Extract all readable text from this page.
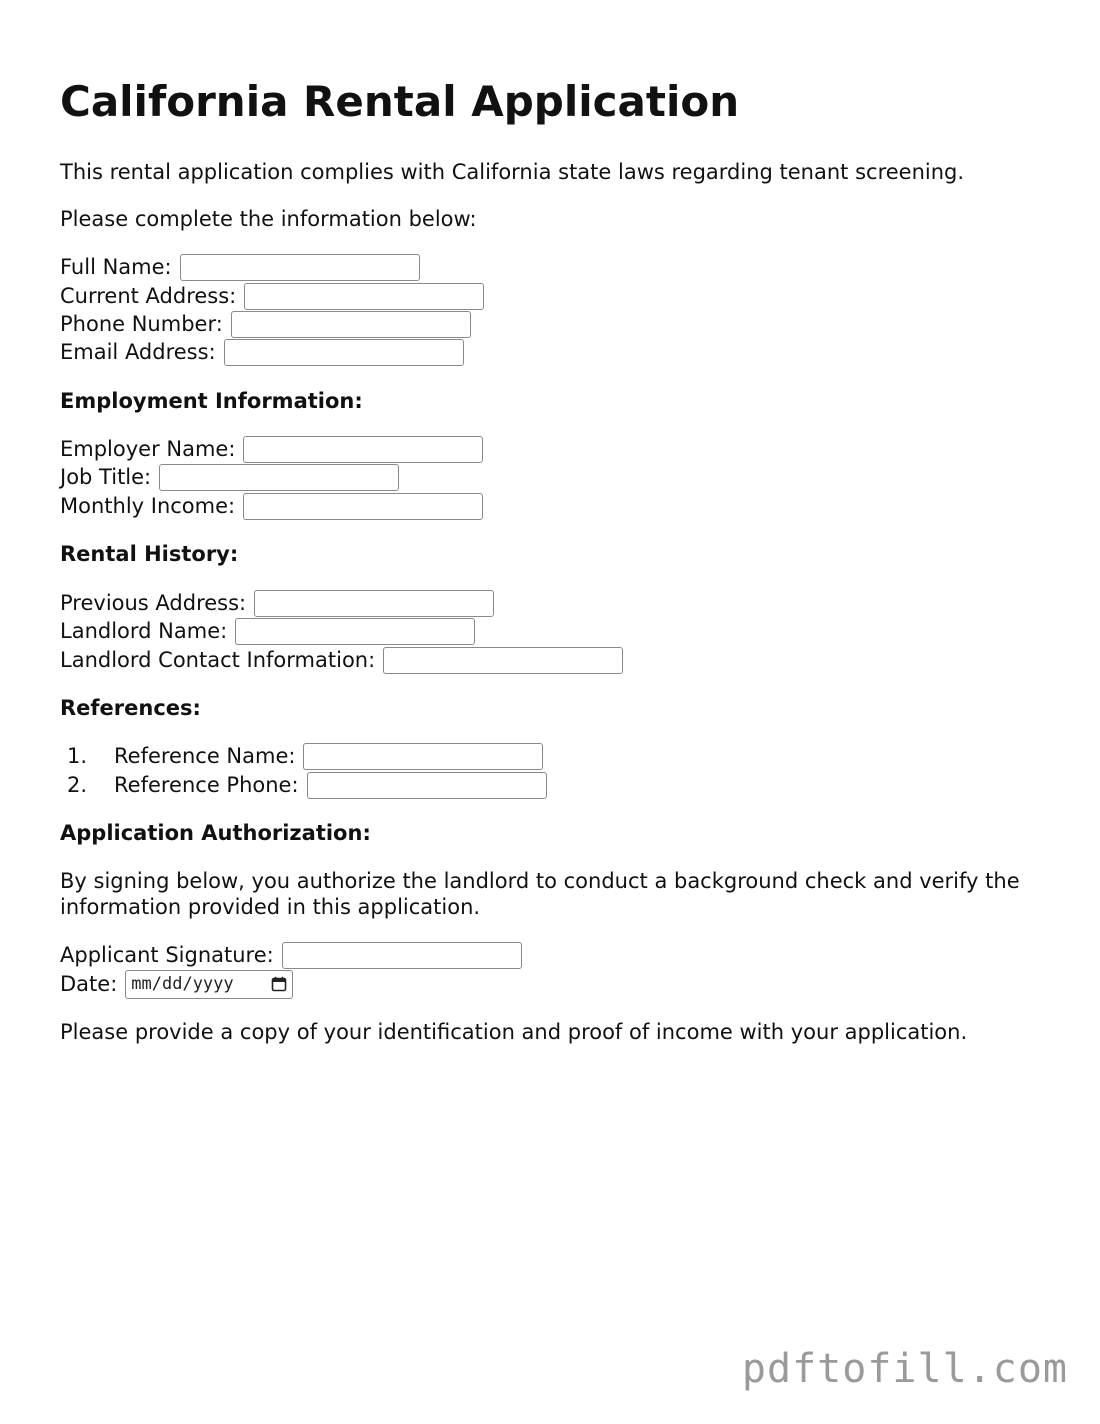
California Rental Application

This rental application complies with California state laws regarding tenant screening.

Please complete the information below:

Full Name:
Current Address:
Phone Number:
Email Address:

Employment Information:

Employer Name:
Job Title:
Monthly Income:

Rental History:

Previous Address:
Landlord Name:
Landlord Contact Information:

References:

1. Reference Name:
2. Reference Phone:

Application Authorization:

By signing below, you authorize the landlord to conduct a background check and verify the information provided in this application.

Applicant Signature:
Date: mm/dd/yyyy

Please provide a copy of your identification and proof of income with your application.

pdftofill.com
